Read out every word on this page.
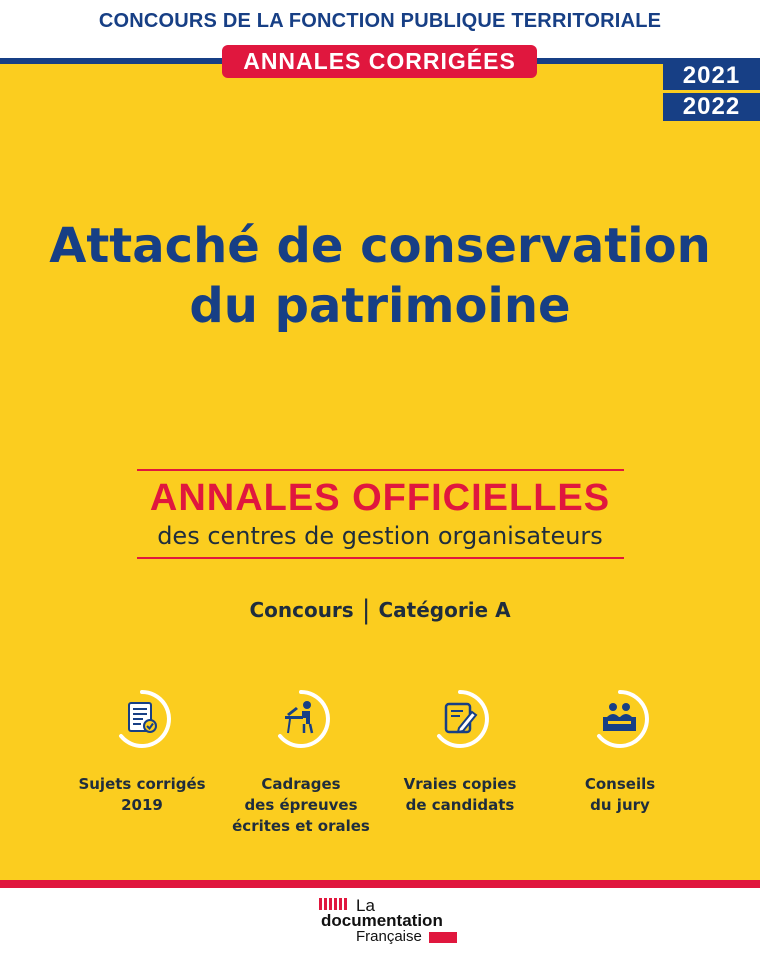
CONCOURS DE LA FONCTION PUBLIQUE TERRITORIALE
ANNALES CORRIGÉES
2021
2022
Attaché de conservation
du patrimoine
ANNALES OFFICIELLES
des centres de gestion organisateurs
Concours | Catégorie A
Sujets corrigés
2019
Cadrages
des épreuves
écrites et orales
Vraies copies
de candidats
Conseils
du jury
La
documentation
Française
